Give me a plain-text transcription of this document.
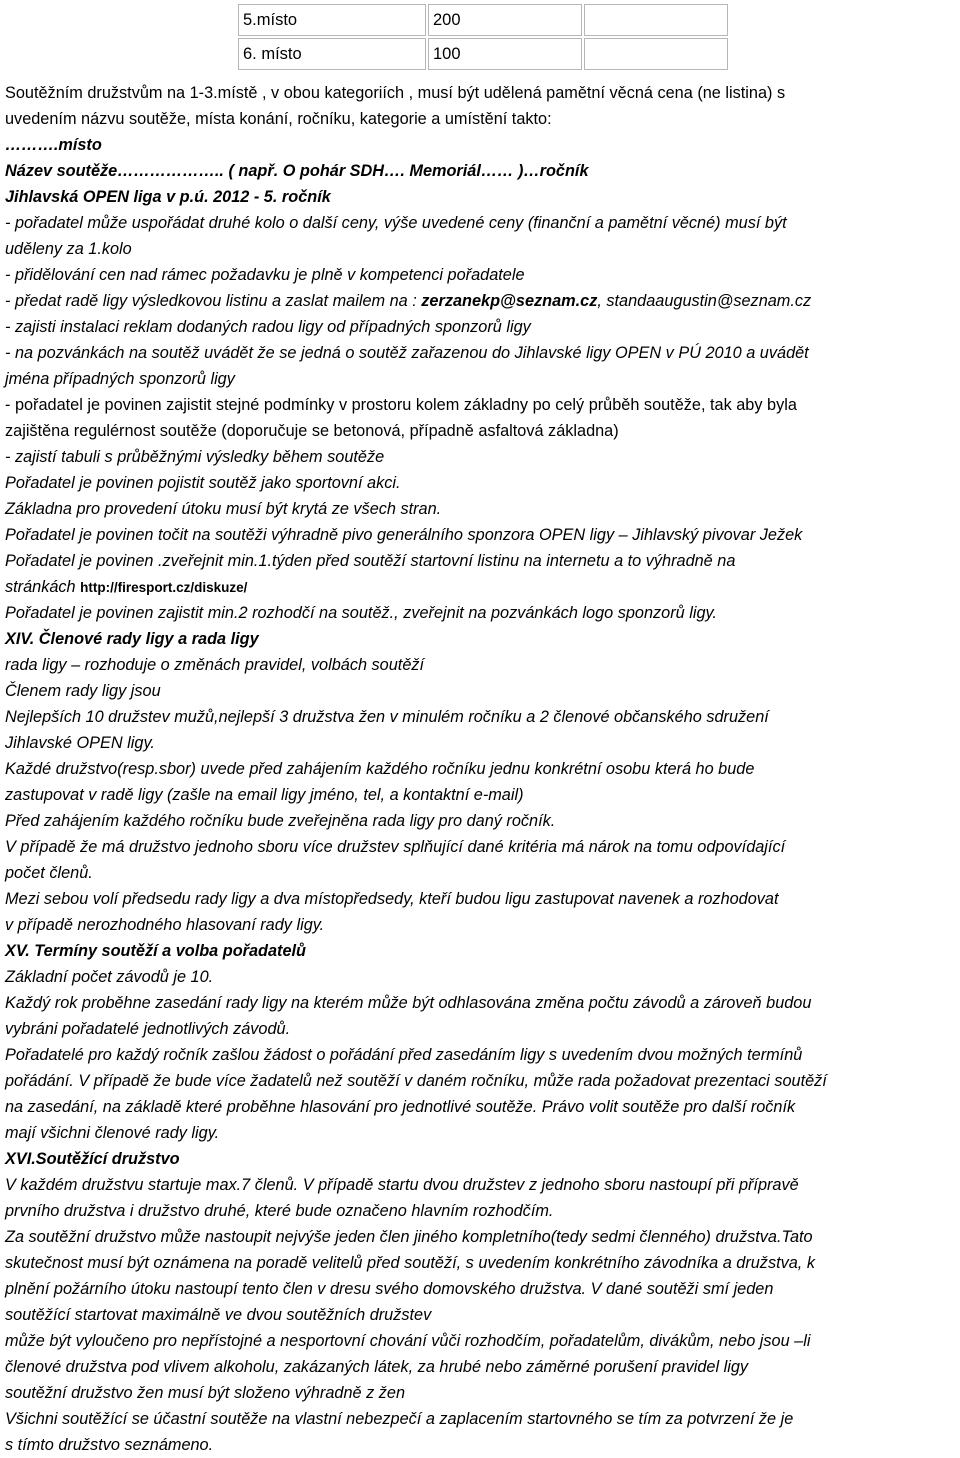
5.místo	200	
6. místo	100	
Soutěžním družstvům na 1-3.místě , v obou kategoriích , musí být udělená pamětní věcná cena (ne listina) s
uvedením názvu soutěže, místa konání, ročníku, kategorie a umístění takto:
……….místo
Název soutěže……………….. ( např. O pohár SDH…. Memoriál…… )…ročník
Jihlavská OPEN liga v p.ú. 2012 - 5. ročník
- pořadatel může uspořádat druhé kolo o další ceny, výše uvedené ceny (finanční a pamětní věcné) musí být
uděleny za 1.kolo
- přidělování cen nad rámec požadavku je plně v kompetenci pořadatele
- předat radě ligy výsledkovou listinu a zaslat mailem na : zerzanekp@seznam.cz, standaaugustin@seznam.cz
- zajisti instalaci reklam dodaných radou ligy od případných sponzorů ligy
- na pozvánkách na soutěž uvádět že se jedná o soutěž zařazenou do Jihlavské ligy OPEN v PÚ 2010 a uvádět
jména případných sponzorů ligy
- pořadatel je povinen zajistit stejné podmínky v prostoru kolem základny po celý průběh soutěže, tak aby byla
zajištěna regulérnost soutěže (doporučuje se betonová, případně asfaltová základna)
- zajistí tabuli s průběžnými výsledky během soutěže
Pořadatel je povinen pojistit soutěž jako sportovní akci.
Základna pro provedení útoku musí být krytá ze všech stran.
Pořadatel je povinen točit na soutěži výhradně pivo generálního sponzora OPEN ligy – Jihlavský pivovar Ježek
Pořadatel je povinen .zveřejnit min.1.týden před soutěží startovní listinu na internetu a to výhradně na
stránkách http://firesport.cz/diskuze/
Pořadatel je povinen zajistit min.2 rozhodčí na soutěž., zveřejnit na pozvánkách logo sponzorů ligy.
XIV. Členové rady ligy a rada ligy
rada ligy – rozhoduje o změnách pravidel, volbách soutěží
Členem rady ligy jsou
Nejlepších 10 družstev mužů,nejlepší 3 družstva žen v minulém ročníku a 2 členové občanského sdružení
Jihlavské OPEN ligy.
Každé družstvo(resp.sbor) uvede před zahájením každého ročníku jednu konkrétní osobu která ho bude
zastupovat v radě ligy (zašle na email ligy jméno, tel, a kontaktní e-mail)
Před zahájením každého ročníku bude zveřejněna rada ligy pro daný ročník.
V případě že má družstvo jednoho sboru více družstev splňující dané kritéria má nárok na tomu odpovídající
počet členů.
Mezi sebou volí předsedu rady ligy a dva místopředsedy, kteří budou ligu zastupovat navenek a rozhodovat
v případě nerozhodného hlasovaní rady ligy.
XV. Termíny soutěží a volba pořadatelů
Základní počet závodů je 10.
Každý rok proběhne zasedání rady ligy na kterém může být odhlasována změna počtu závodů a zároveň budou
vybráni pořadatelé jednotlivých závodů.
Pořadatelé pro každý ročník zašlou žádost o pořádání před zasedáním ligy s uvedením dvou možných termínů
pořádání. V případě že bude více žadatelů než soutěží v daném ročníku, může rada požadovat prezentaci soutěží
na zasedání, na základě které proběhne hlasování pro jednotlivé soutěže. Právo volit soutěže pro další ročník
mají všichni členové rady ligy.
XVI.Soutěžící družstvo
V každém družstvu startuje max.7 členů. V případě startu dvou družstev z jednoho sboru nastoupí při přípravě
prvního družstva i družstvo druhé, které bude označeno hlavním rozhodčím.
Za soutěžní družstvo může nastoupit nejvýše jeden člen jiného kompletního(tedy sedmi členného) družstva.Tato
skutečnost musí být oznámena na poradě velitelů před soutěží, s uvedením konkrétního závodníka a družstva, k
plnění požárního útoku nastoupí tento člen v dresu svého domovského družstva. V dané soutěži smí jeden
soutěžící startovat maximálně ve dvou soutěžních družstev
může být vyloučeno pro nepřístojné a nesportovní chování vůči rozhodčím, pořadatelům, divákům, nebo jsou –li
členové družstva pod vlivem alkoholu, zakázaných látek, za hrubé nebo záměrné porušení pravidel ligy
soutěžní družstvo žen musí být složeno výhradně z žen
Všichni soutěžící se účastní soutěže na vlastní nebezpečí a zaplacením startovného se tím za potvrzení že je
s tímto družstvo seznámeno.
